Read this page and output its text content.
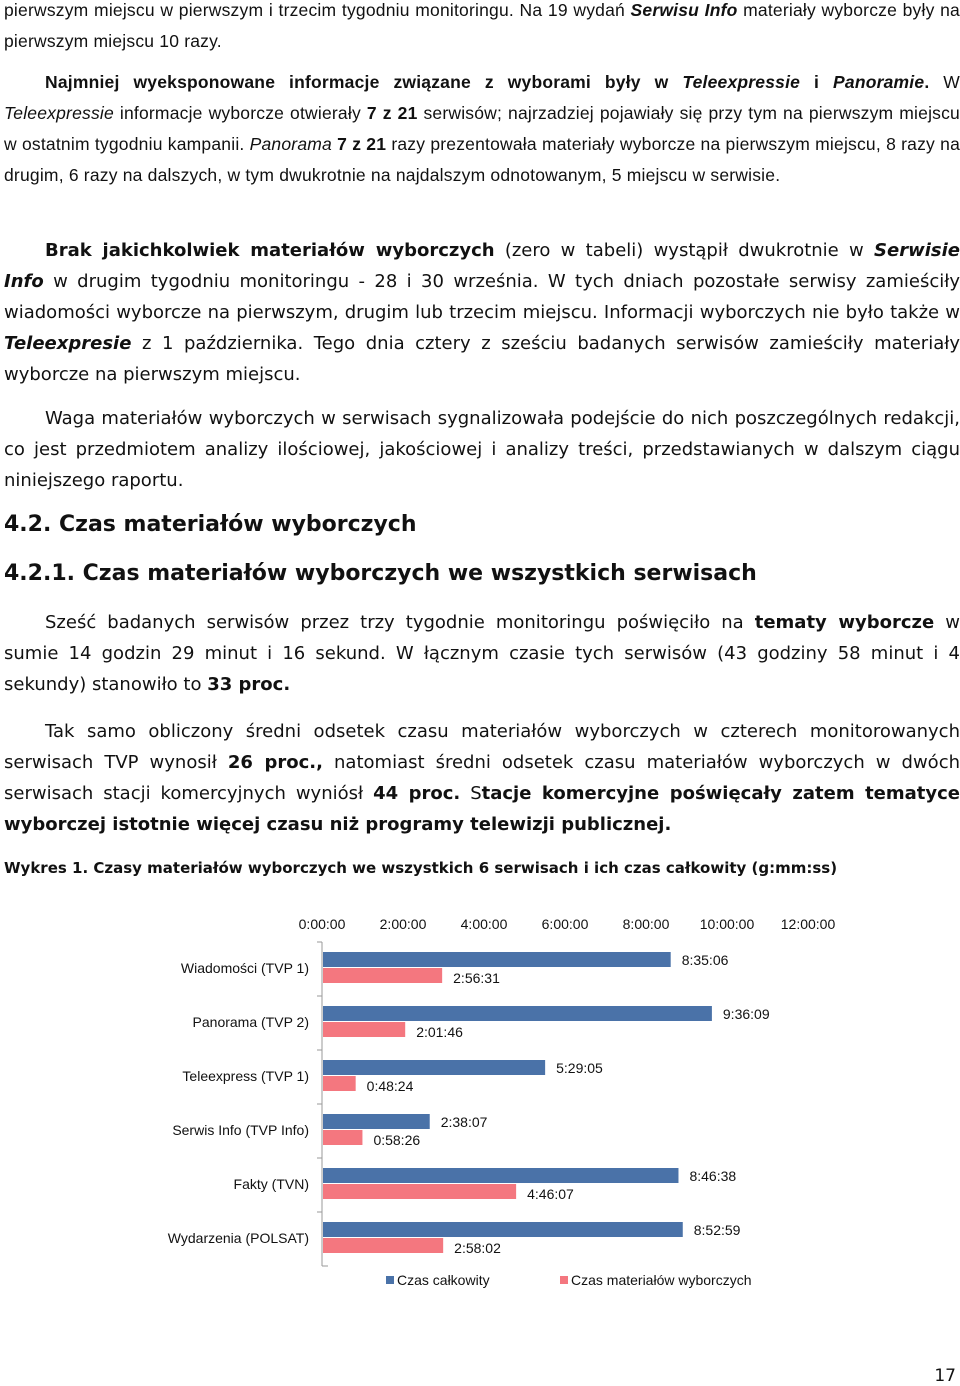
pierwszym miejscu w pierwszym i trzecim tygodniu monitoringu. Na 19 wydań Serwisu Info materiały wyborcze były na pierwszym miejscu 10 razy.

Najmniej wyeksponowane informacje związane z wyborami były w Teleexpressie i Panoramie. W Teleexpressie informacje wyborcze otwierały 7 z 21 serwisów; najrzadziej pojawiały się przy tym na pierwszym miejscu w ostatnim tygodniu kampanii. Panorama 7 z 21 razy prezentowała materiały wyborcze na pierwszym miejscu, 8 razy na drugim, 6 razy na dalszych, w tym dwukrotnie na najdalszym odnotowanym, 5 miejscu w serwisie.

Brak jakichkolwiek materiałów wyborczych (zero w tabeli) wystąpił dwukrotnie w Serwisie Info w drugim tygodniu monitoringu - 28 i 30 września. W tych dniach pozostałe serwisy zamieściły wiadomości wyborcze na pierwszym, drugim lub trzecim miejscu. Informacji wyborczych nie było także w Teleexpresie z 1 października. Tego dnia cztery z sześciu badanych serwisów zamieściły materiały wyborcze na pierwszym miejscu.

Waga materiałów wyborczych w serwisach sygnalizowała podejście do nich poszczególnych redakcji, co jest przedmiotem analizy ilościowej, jakościowej i analizy treści, przedstawianych w dalszym ciągu niniejszego raportu.

4.2. Czas materiałów wyborczych
4.2.1. Czas materiałów wyborczych we wszystkich serwisach

Sześć badanych serwisów przez trzy tygodnie monitoringu poświęciło na tematy wyborcze w sumie 14 godzin 29 minut i 16 sekund. W łącznym czasie tych serwisów (43 godziny 58 minut i 4 sekundy) stanowiło to 33 proc.

Tak samo obliczony średni odsetek czasu materiałów wyborczych w czterech monitorowanych serwisach TVP wynosił 26 proc., natomiast średni odsetek czasu materiałów wyborczych w dwóch serwisach stacji komercyjnych wyniósł 44 proc. Stacje komercyjne poświęcały zatem tematyce wyborczej istotnie więcej czasu niż programy telewizji publicznej.

Wykres 1. Czasy materiałów wyborczych we wszystkich 6 serwisach i ich czas całkowity (g:mm:ss)

0:00:00 2:00:00 4:00:00 6:00:00 8:00:00 10:00:00 12:00:00
Wiadomości (TVP 1)	8:35:06
2:56:31
Panorama (TVP 2)	9:36:09
2:01:46
Teleexpress (TVP 1)	5:29:05
0:48:24
Serwis Info (TVP Info)	2:38:07
0:58:26
Fakty (TVN)	8:46:38
4:46:07
Wydarzenia (POLSAT)	8:52:59
2:58:02
Czas całkowity	Czas materiałów wyborczych
17
